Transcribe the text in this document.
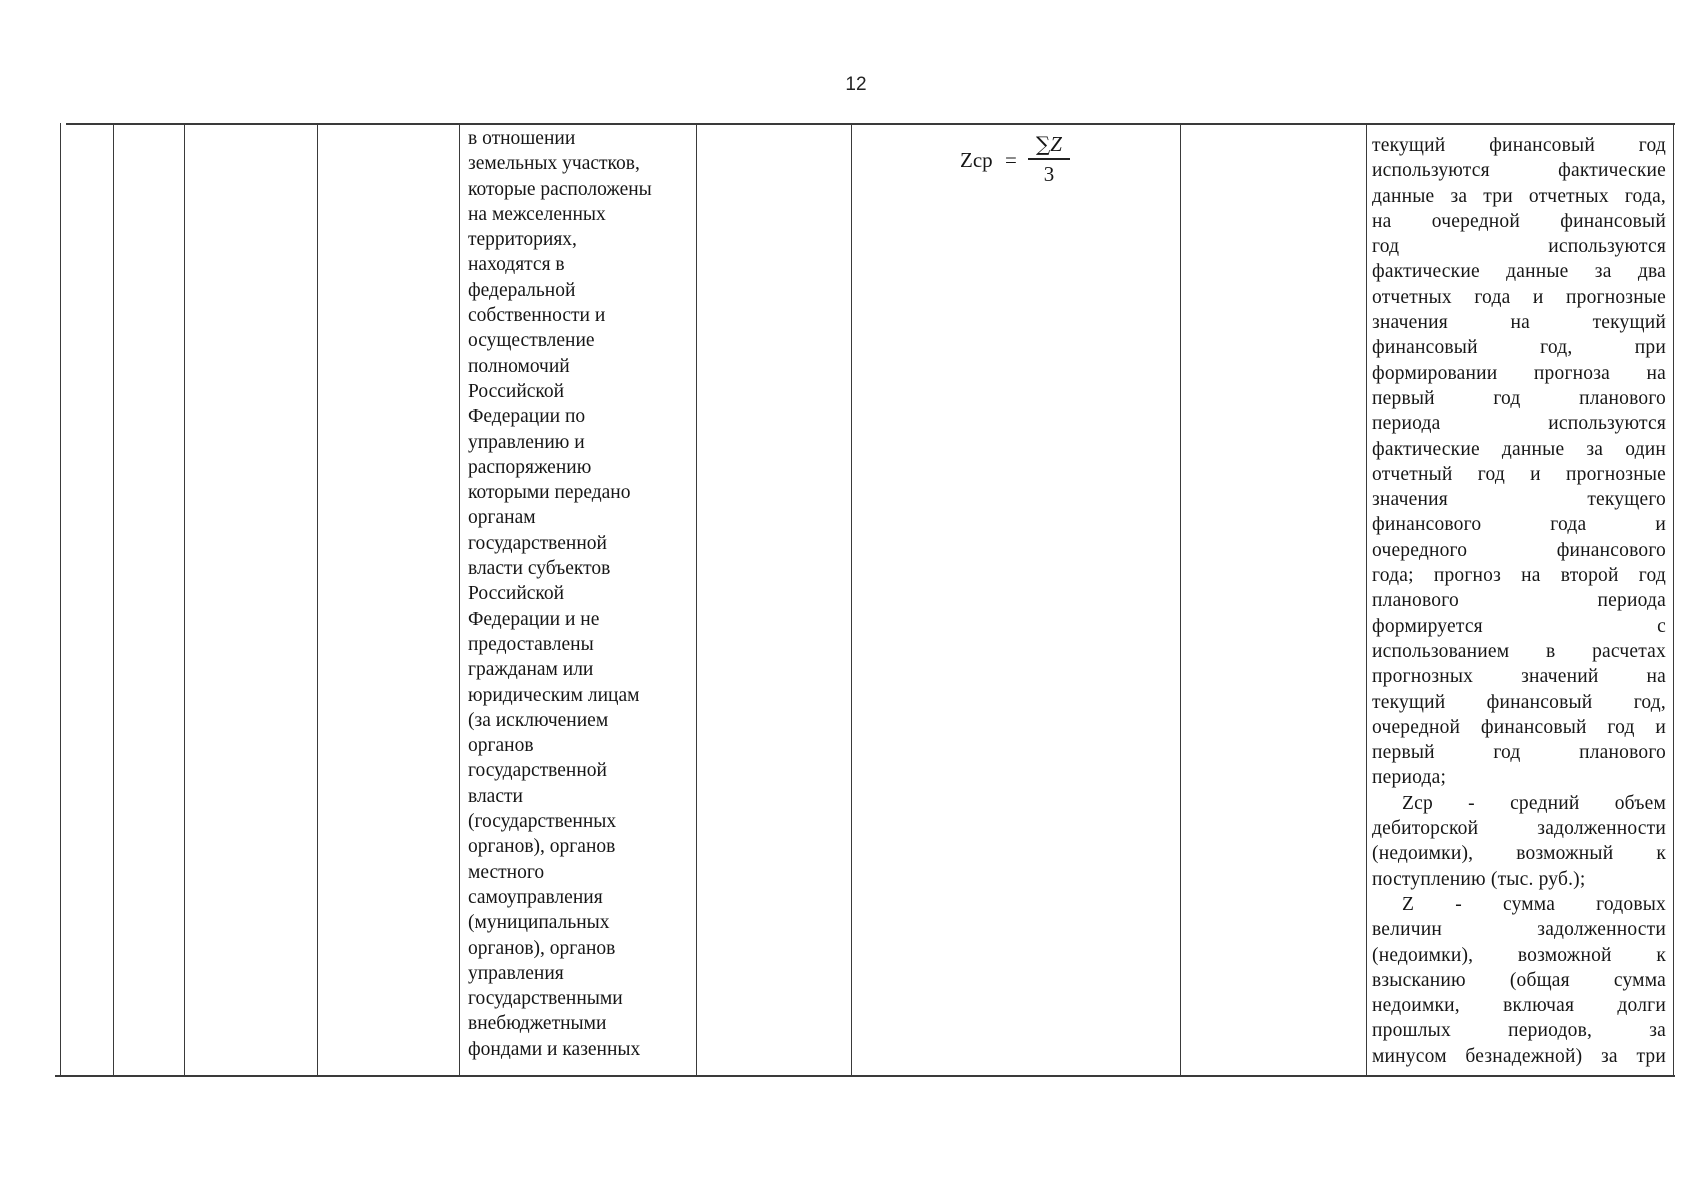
12
в отношении
земельных участков,
которые расположены
на межселенных
территориях,
находятся в
федеральной
собственности и
осуществление
полномочий
Российской
Федерации по
управлению и
распоряжению
которыми передано
органам
государственной
власти субъектов
Российской
Федерации и не
предоставлены
гражданам или
юридическим лицам
(за исключением
органов
государственной
власти
(государственных
органов), органов
местного
самоуправления
(муниципальных
органов), органов
управления
государственными
внебюджетными
фондами и казенных
Zср =
∑Z
3
текущий финансовый год
используются фактические
данные за три отчетных года,
на очередной финансовый
год используются
фактические данные за два
отчетных года и прогнозные
значения на текущий
финансовый год, при
формировании прогноза на
первый год планового
периода используются
фактические данные за один
отчетный год и прогнозные
значения текущего
финансового года и
очередного финансового
года; прогноз на второй год
планового периода
формируется с
использованием в расчетах
прогнозных значений на
текущий финансовый год,
очередной финансовый год и
первый год планового
периода;
Zср - средний объем
дебиторской задолженности
(недоимки), возможный к
поступлению (тыс. руб.);
Z - сумма годовых
величин задолженности
(недоимки), возможной к
взысканию (общая сумма
недоимки, включая долги
прошлых периодов, за
минусом безнадежной) за три
